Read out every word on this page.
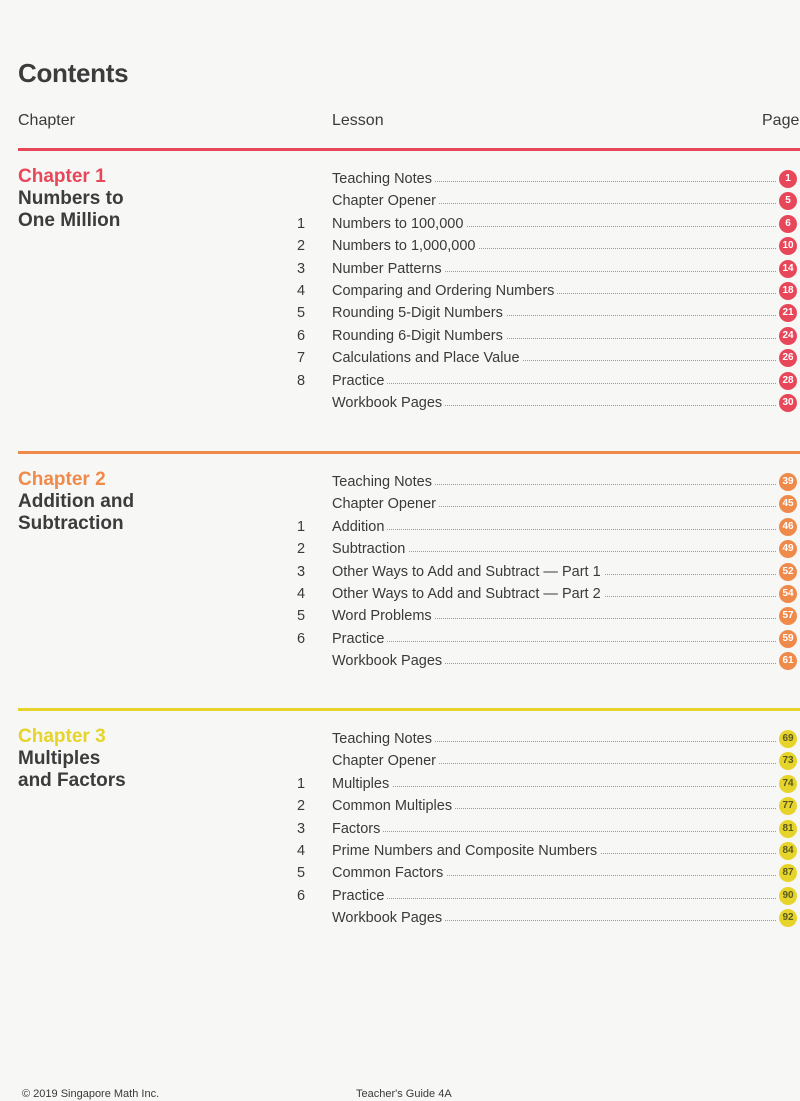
Contents
Chapter	Lesson	Page
Chapter 1
Numbers to
One Million
Teaching Notes	1
Chapter Opener	5
1	Numbers to 100,000	6
2	Numbers to 1,000,000	10
3	Number Patterns	14
4	Comparing and Ordering Numbers	18
5	Rounding 5-Digit Numbers	21
6	Rounding 6-Digit Numbers	24
7	Calculations and Place Value	26
8	Practice	28
Workbook Pages	30
Chapter 2
Addition and
Subtraction
Teaching Notes	39
Chapter Opener	45
1	Addition	46
2	Subtraction	49
3	Other Ways to Add and Subtract — Part 1	52
4	Other Ways to Add and Subtract — Part 2	54
5	Word Problems	57
6	Practice	59
Workbook Pages	61
Chapter 3
Multiples
and Factors
Teaching Notes	69
Chapter Opener	73
1	Multiples	74
2	Common Multiples	77
3	Factors	81
4	Prime Numbers and Composite Numbers	84
5	Common Factors	87
6	Practice	90
Workbook Pages	92
© 2019 Singapore Math Inc.	Teacher's Guide 4A
